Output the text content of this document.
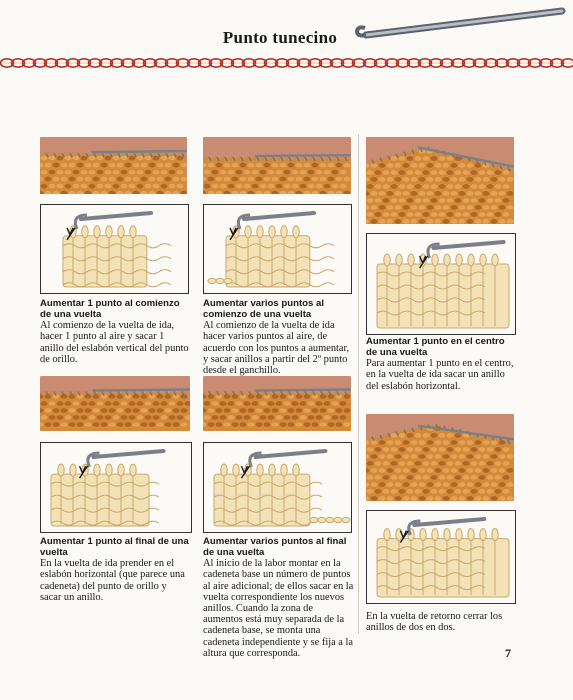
Punto tunecino
Aumentar 1 punto al comienzo de una vuelta
Al comienzo de la vuelta de ida, hacer 1 punto al aire y sacar 1 anillo del eslabón vertical del punto de orillo.
Aumentar varios puntos al comienzo de una vuelta
Al comienzo de la vuelta de ida hacer varios puntos al aire, de acuerdo con los puntos a aumentar, y sacar anillos a partir del 2º punto desde el ganchillo.
Aumentar 1 punto en el centro de una vuelta
Para aumentar 1 punto en el centro, en la vuelta de ida sacar un anillo del eslabón horizontal.
Aumentar 1 punto al final de una vuelta
En la vuelta de ida prender en el eslabón horizontal (que parece una cadeneta) del punto de orillo y sacar un anillo.
Aumentar varios puntos al final de una vuelta
Al inicio de la labor montar en la cadeneta base un número de puntos al aire adicional; de ellos sacar en la vuelta correspondiente los nuevos anillos. Cuando la zona de aumentos está muy separada de la cadeneta base, se monta una cadeneta independiente y se fija a la altura que corresponda.
En la vuelta de retorno cerrar los anillos de dos en dos.
7
